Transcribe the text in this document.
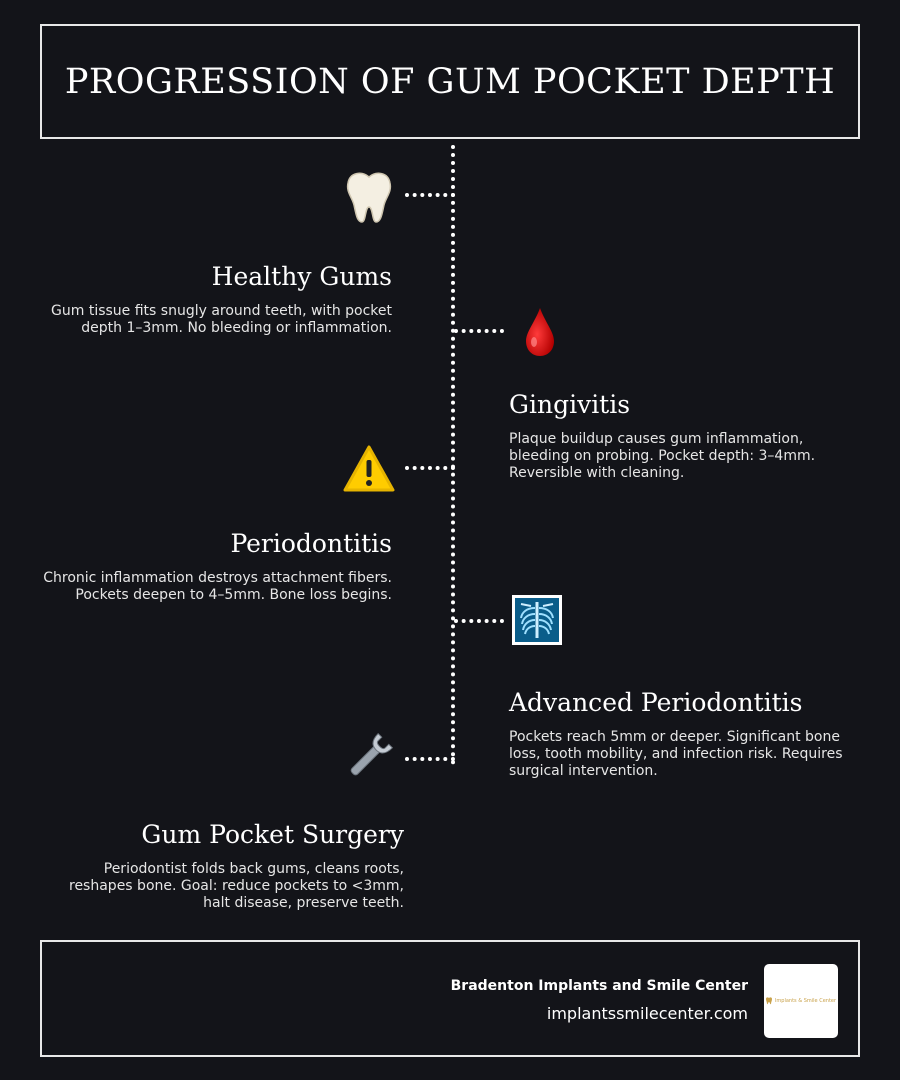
PROGRESSION OF GUM POCKET DEPTH
Healthy Gums

Gum tissue fits snugly around teeth, with pocket depth 1–3mm. No bleeding or inflammation.

Gingivitis

Plaque buildup causes gum inflammation, bleeding on probing. Pocket depth: 3–4mm. Reversible with cleaning.

Periodontitis

Chronic inflammation destroys attachment fibers. Pockets deepen to 4–5mm. Bone loss begins.

Advanced Periodontitis

Pockets reach 5mm or deeper. Significant bone loss, tooth mobility, and infection risk. Requires surgical intervention.

Gum Pocket Surgery

Periodontist folds back gums, cleans roots, reshapes bone. Goal: reduce pockets to <3mm, halt disease, preserve teeth.

Bradenton Implants and Smile Center
implantssmilecenter.com
Implants & Smile Center
